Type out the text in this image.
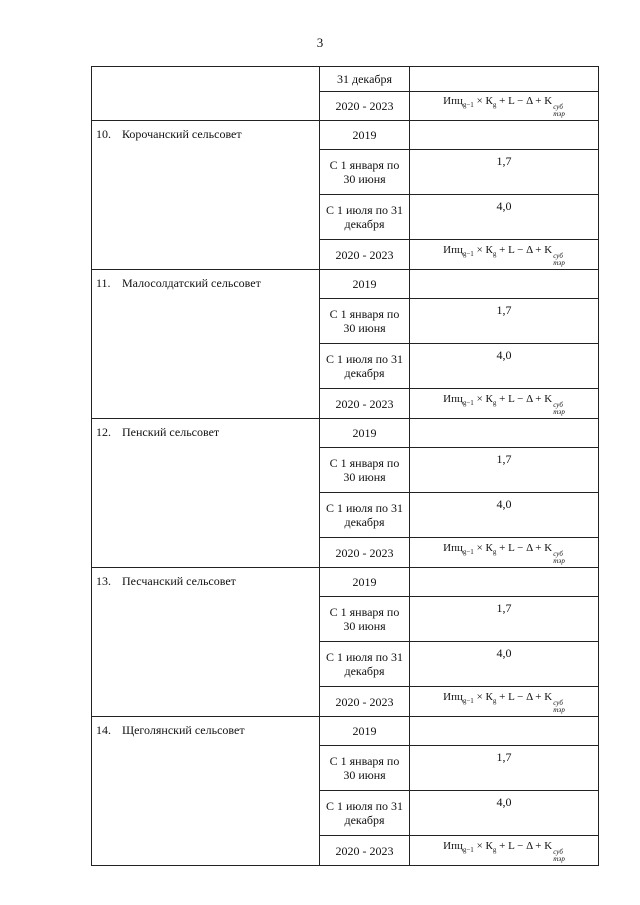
3
	31 декабря	
	2020 - 2023	$Ипц_{g-1} \times К_g + L - \Delta + K$ суб
тэр

10. Корочанский сельсовет	2019	
	С 1 января по 30 июня	1,7
	С 1 июля по 31 декабря	4,0
	2020 - 2023	$Ипц_{g-1} \times К_g + L - \Delta + K$ суб
тэр

11. Малосолдатский сельсовет	2019	
	С 1 января по 30 июня	1,7
	С 1 июля по 31 декабря	4,0
	2020 - 2023	$Ипц_{g-1} \times К_g + L - \Delta + K$ суб
тэр

12. Пенский сельсовет	2019	
	С 1 января по 30 июня	1,7
	С 1 июля по 31 декабря	4,0
	2020 - 2023	$Ипц_{g-1} \times К_g + L - \Delta + K$ суб
тэр

13. Песчанский сельсовет	2019	
	С 1 января по 30 июня	1,7
	С 1 июля по 31 декабря	4,0
	2020 - 2023	$Ипц_{g-1} \times К_g + L - \Delta + K$ суб
тэр

14. Щеголянский сельсовет	2019	
	С 1 января по 30 июня	1,7
	С 1 июля по 31 декабря	4,0
	2020 - 2023	$Ипц_{g-1} \times К_g + L - \Delta + K$ суб
тэр
